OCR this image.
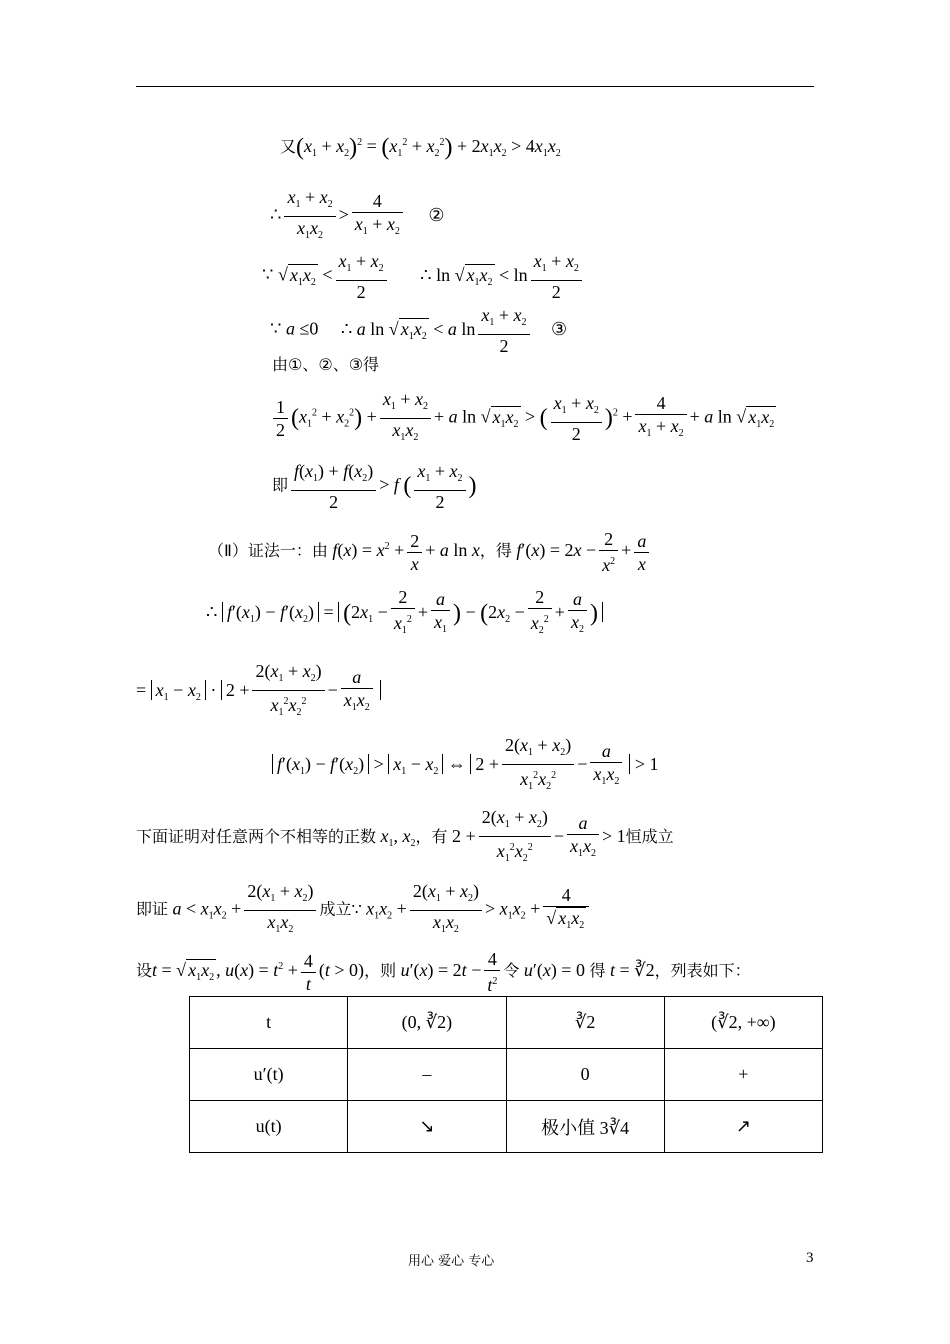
又$(x_1 + x_2)^2 = (x_1^2 + x_2^2) + 2x_1x_2 > 4x_1x_2$
∴ $\frac{x_1 + x_2}{x_1x_2} > \frac{4}{x_1 + x_2}$ ②
∵ √ $x_1x_2 < \frac{x_1 + x_2}{2}$ ∴ ln √ $x_1x_2 < \ln \frac{x_1 + x_2}{2}$
∵ a ≤0 ∴ a ln √ $x_1x_2 < a$ $\ln \frac{x_1 + x_2}{2}$ ③
由①、②、③得
$\frac{1}{2} (x_1^2 + x_2^2) + \frac{x_1 + x_2}{x_1x_2} + a$ ln √ $x_1x_2$ > ( $\frac{x_1 + x_2}{2} )^2 + \frac{4}{x_1 + x_2} + a$ ln √ $x_1x_2$
即 $\frac{f(x_1) + f(x_2)}{2} > f$ ( $\frac{x_1 + x_2}{2}$ )
（Ⅱ）证法一：由 $f(x) = x^2 + \frac{2}{x} + a$ ln x，得 $f'(x) = 2x - \frac{2}{x^2} + \frac{a}{x}$
∴ $f'(x_1) - f'(x_2) = (2x_1 - \frac{2}{x_1^2} + \frac{a}{x_1}$ ) − ($2x_2 - \frac{2}{x_2^2} + \frac{a}{x_2}$ )
= $x_1 - x_2 \cdot 2 + \frac{2(x_1 + x_2)}{x_1^2x_2^2} - \frac{a}{x_1x_2}$
$f'(x_1) - f'(x_2) > x_1 - x_2$ ⇔ $2 + \frac{2(x_1 + x_2)}{x_1^2x_2^2} - \frac{a}{x_1x_2} > 1$
下面证明对任意两个不相等的正数 $x_1$, $x_2$，有 $2 + \frac{2(x_1 + x_2)}{x_1^2x_2^2} - \frac{a}{x_1x_2} > 1$恒成立
即证 $a < x_1x_2 + \frac{2(x_1 + x_2)}{x_1x_2}$ 成立∵ $x_1x_2 + \frac{2(x_1 + x_2)}{x_1x_2} > x_1x_2 + \frac{4}{√ x_1x_2}$
设t = √ $x_1x_2$ , $u(x) = t^2 + \frac{4}{t} (t > 0)$，则 $u'(x) = 2t - \frac{4}{t^2}$ 令 u′(x) = 0 得 t = ∛2，列表如下：
t	(0, ∛2)	∛2	(∛2, +∞)
u′(t)	–	0	+
u(t)	↘	极小值 3∛4	↗
用心 爱心 专心	3
